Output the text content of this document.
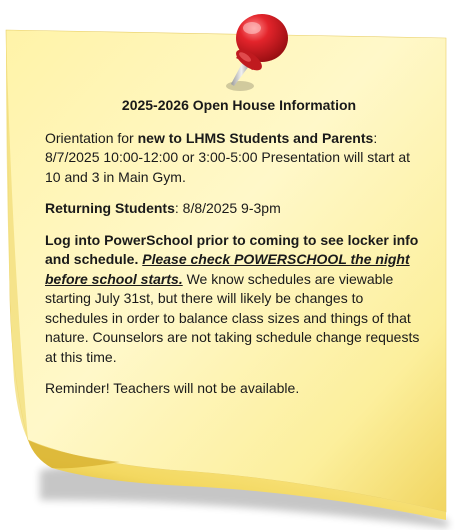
2025-2026 Open House Information

Orientation for new to LHMS Students and Parents: 8/7/2025 10:00-12:00 or 3:00-5:00 Presentation will start at 10 and 3 in Main Gym.

Returning Students: 8/8/2025 9-3pm

Log into PowerSchool prior to coming to see locker info and schedule. Please check POWERSCHOOL the night before school starts. We know schedules are viewable starting July 31st, but there will likely be changes to schedules in order to balance class sizes and things of that nature. Counselors are not taking schedule change requests at this time.

Reminder! Teachers will not be available.
